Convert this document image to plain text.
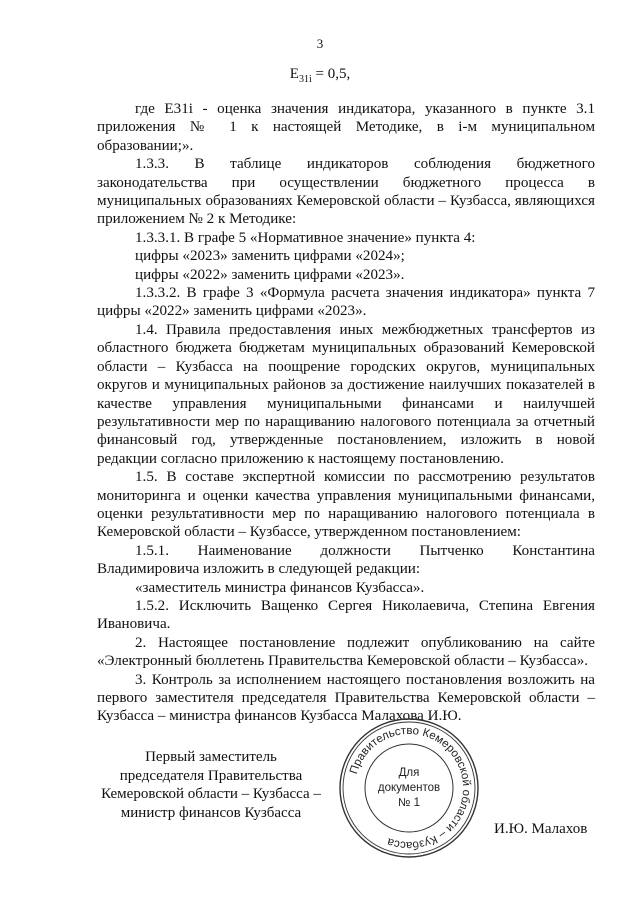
3
$E_{31i} = 0,5$,

где E31i - оценка значения индикатора, указанного в пункте 3.1 приложения № 1 к настоящей Методике, в i-м муниципальном образовании;».

1.3.3. В таблице индикаторов соблюдения бюджетного законодательства при осуществлении бюджетного процесса в муниципальных образованиях Кемеровской области – Кузбасса, являющихся приложением № 2 к Методике:

1.3.3.1. В графе 5 «Нормативное значение» пункта 4:

цифры «2023» заменить цифрами «2024»;

цифры «2022» заменить цифрами «2023».

1.3.3.2. В графе 3 «Формула расчета значения индикатора» пункта 7 цифры «2022» заменить цифрами «2023».

1.4. Правила предоставления иных межбюджетных трансфертов из областного бюджета бюджетам муниципальных образований Кемеровской области – Кузбасса на поощрение городских округов, муниципальных округов и муниципальных районов за достижение наилучших показателей в качестве управления муниципальными финансами и наилучшей результативности мер по наращиванию налогового потенциала за отчетный финансовый год, утвержденные постановлением, изложить в новой редакции согласно приложению к настоящему постановлению.

1.5. В составе экспертной комиссии по рассмотрению результатов мониторинга и оценки качества управления муниципальными финансами, оценки результативности мер по наращиванию налогового потенциала в Кемеровской области – Кузбассе, утвержденном постановлением:

1.5.1. Наименование должности Пытченко Константина Владимировича изложить в следующей редакции:

«заместитель министра финансов Кузбасса».

1.5.2. Исключить Ващенко Сергея Николаевича, Степина Евгения Ивановича.

2. Настоящее постановление подлежит опубликованию на сайте «Электронный бюллетень Правительства Кемеровской области – Кузбасса».

3. Контроль за исполнением настоящего постановления возложить на первого заместителя председателя Правительства Кемеровской области – Кузбасса – министра финансов Кузбасса Малахова И.Ю.

Первый заместитель
председателя Правительства
Кемеровской области – Кузбасса –
министр финансов Кузбасса
Правительство Кемеровской области – Кузбасса
Для
документов
№ 1
И.Ю. Малахов
